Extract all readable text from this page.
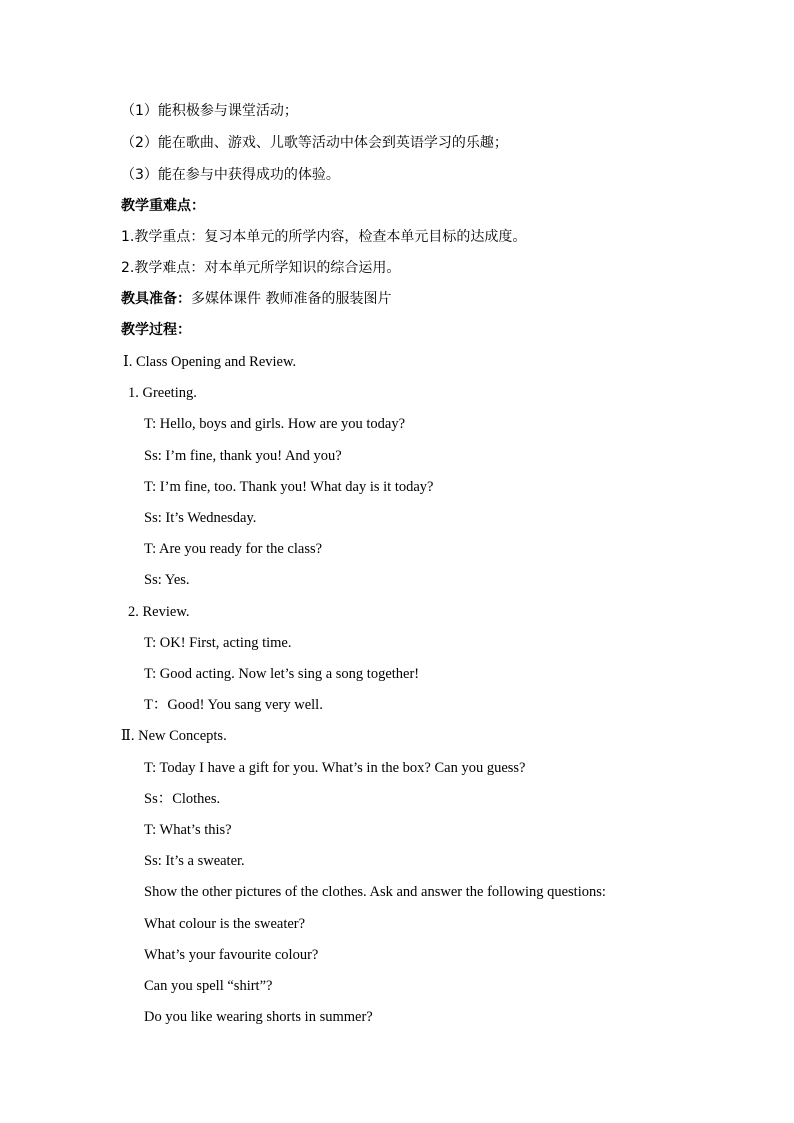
（1）能积极参与课堂活动；
（2）能在歌曲、游戏、儿歌等活动中体会到英语学习的乐趣；
（3）能在参与中获得成功的体验。
教学重难点：
1.教学重点：复习本单元的所学内容，检查本单元目标的达成度。
2.教学难点：对本单元所学知识的综合运用。
教具准备：多媒体课件 教师准备的服装图片
教学过程：
Ⅰ. Class Opening and Review.
1. Greeting.
T: Hello, boys and girls. How are you today?
Ss: I’m fine, thank you! And you?
T: I’m fine, too. Thank you! What day is it today?
Ss: It’s Wednesday.
T: Are you ready for the class?
Ss: Yes.
2. Review.
T: OK! First, acting time.
T: Good acting. Now let’s sing a song together!
T：Good! You sang very well.
Ⅱ. New Concepts.
T: Today I have a gift for you. What’s in the box? Can you guess?
Ss：Clothes.
T: What’s this?
Ss: It’s a sweater.
Show the other pictures of the clothes. Ask and answer the following questions:
What colour is the sweater?
What’s your favourite colour?
Can you spell “shirt”?
Do you like wearing shorts in summer?
